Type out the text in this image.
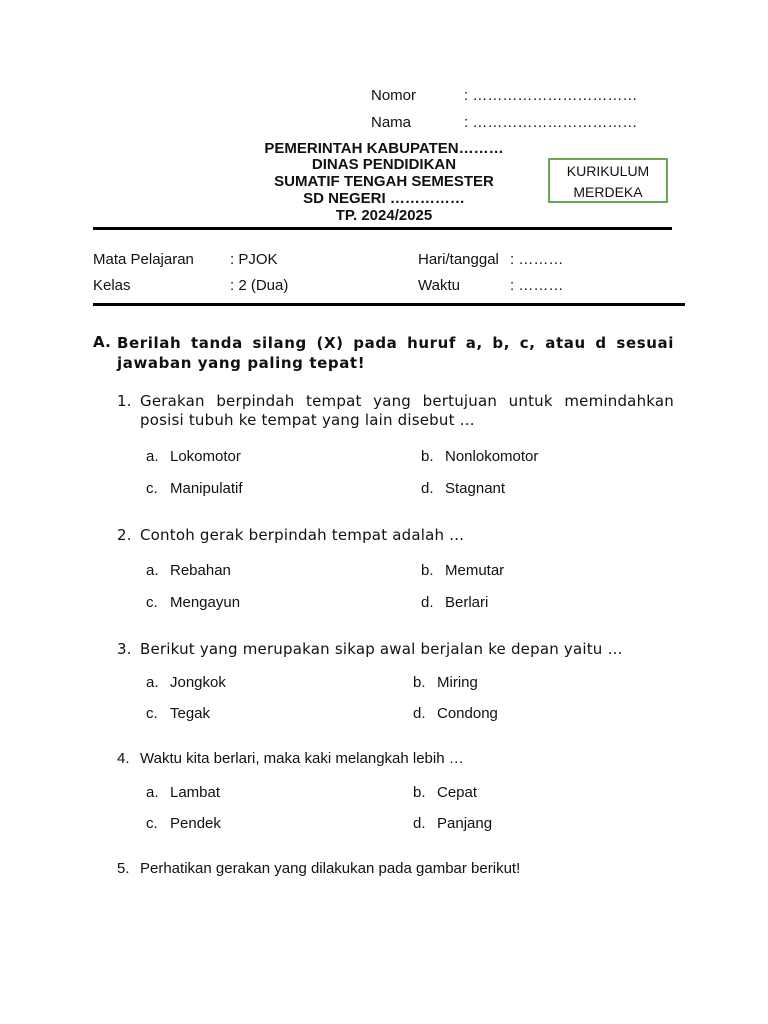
Nomor	: ……………………………
Nama	: ……………………………
PEMERINTAH KABUPATEN………
DINAS PENDIDIKAN
SUMATIF TENGAH SEMESTER
SD NEGERI ……………
TP. 2024/2025
KURIKULUM
MERDEKA
Mata Pelajaran : PJOK	Hari/tanggal : ………
Kelas	: 2 (Dua)	Waktu	: ………
A. Berilah tanda silang (X) pada huruf a, b, c, atau d sesuai jawaban yang paling tepat!
1. Gerakan berpindah tempat yang bertujuan untuk memindahkan posisi tubuh ke tempat yang lain disebut …
a. Lokomotor	b. Nonlokomotor
c. Manipulatif	d. Stagnant
2. Contoh gerak berpindah tempat adalah …
a. Rebahan	b. Memutar
c. Mengayun	d. Berlari
3. Berikut yang merupakan sikap awal berjalan ke depan yaitu …
a. Jongkok	b. Miring
c. Tegak	d. Condong
4. Waktu kita berlari, maka kaki melangkah lebih …
a. Lambat	b. Cepat
c. Pendek	d. Panjang
5. Perhatikan gerakan yang dilakukan pada gambar berikut!
